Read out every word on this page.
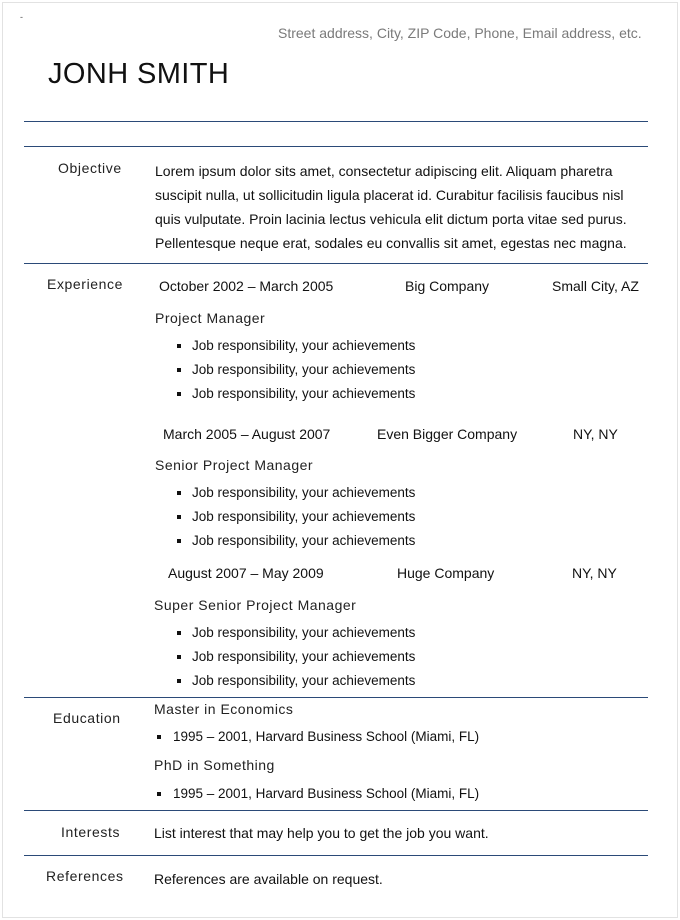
-
Street address, City, ZIP Code, Phone, Email address, etc.
JONH SMITH
Objective Lorem ipsum dolor sits amet, consectetur adipiscing elit. Aliquam pharetra suscipit nulla, ut sollicitudin ligula placerat id. Curabitur facilisis faucibus nisl quis vulputate. Proin lacinia lectus vehicula elit dictum porta vitae sed purus. Pellentesque neque erat, sodales eu convallis sit amet, egestas nec magna.
Experience	October 2002 – March 2005	Big Company	Small City, AZ
Project Manager
Job responsibility, your achievements
Job responsibility, your achievements
Job responsibility, your achievements
March 2005 – August 2007	Even Bigger Company	NY, NY
Senior Project Manager
Job responsibility, your achievements
Job responsibility, your achievements
Job responsibility, your achievements
August 2007 – May 2009	Huge Company	NY, NY
Super Senior Project Manager
Job responsibility, your achievements
Job responsibility, your achievements
Job responsibility, your achievements
Education
Master in Economics
1995 – 2001, Harvard Business School (Miami, FL)
PhD in Something
1995 – 2001, Harvard Business School (Miami, FL)
Interests List interest that may help you to get the job you want.
References References are available on request.
